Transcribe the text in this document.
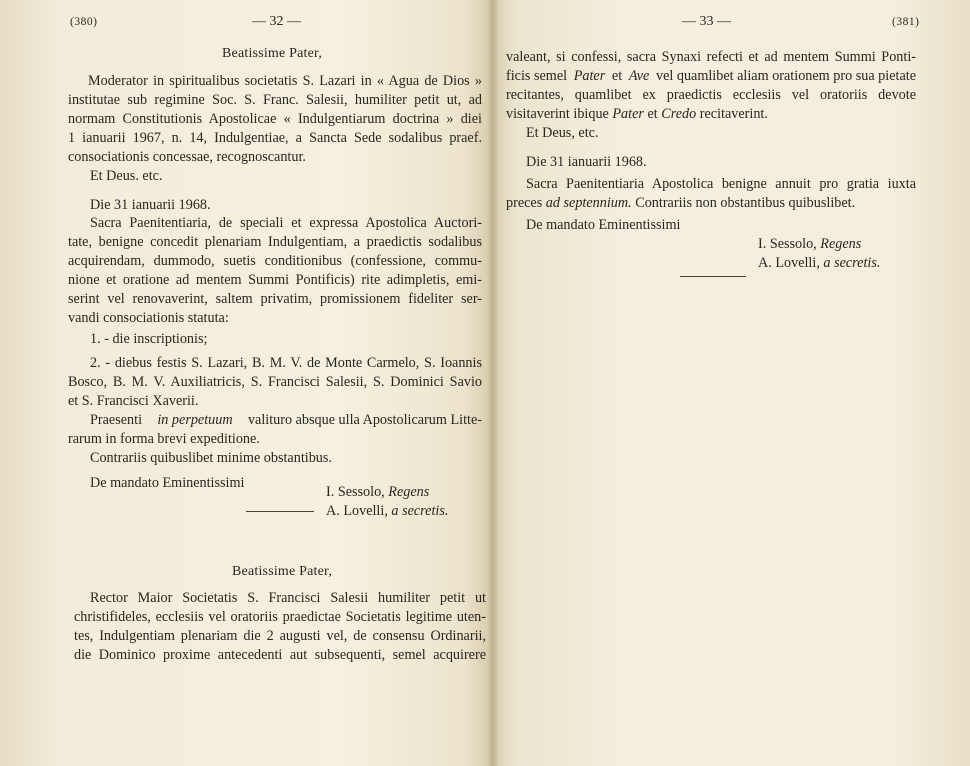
(380)	— 32 —
Beatissime Pater,
Moderator in spiritualibus societatis S. Lazari in « Agua de Dios »
institutae sub regimine Soc. S. Franc. Salesii, humiliter petit ut, ad
normam Constitutionis Apostolicae « Indulgentiarum doctrina » diei
1 ianuarii 1967, n. 14, Indulgentiae, a Sancta Sede sodalibus praef.
consociationis concessae, recognoscantur.
Et Deus. etc.
Die 31 ianuarii 1968.
Sacra Paenitentiaria, de speciali et expressa Apostolica Auctori-
tate, benigne concedit plenariam Indulgentiam, a praedictis sodalibus
acquirendam, dummodo, suetis conditionibus (confessione, commu-
nione et oratione ad mentem Summi Pontificis) rite adimpletis, emi-
serint vel renovaverint, saltem privatim, promissionem fideliter ser-
vandi consociationis statuta:
1. - die inscriptionis;
2. - diebus festis S. Lazari, B. M. V. de Monte Carmelo, S. Ioannis
Bosco, B. M. V. Auxiliatricis, S. Francisci Salesii, S. Dominici Savio
et S. Francisci Xaverii.
Praesenti in perpetuum valituro absque ulla Apostolicarum Litte-
rarum in forma brevi expeditione.
Contrariis quibuslibet minime obstantibus.
De mandato Eminentissimi
I. Sessolo, Regens
A. Lovelli, a secretis.
Beatissime Pater,
Rector Maior Societatis S. Francisci Salesii humiliter petit ut
christifideles, ecclesiis vel oratoriis praedictae Societatis legitime uten-
tes, Indulgentiam plenariam die 2 augusti vel, de consensu Ordinarii,
die Dominico proxime antecedenti aut subsequenti, semel acquirere
— 33 —	(381)
valeant, si confessi, sacra Synaxi refecti et ad mentem Summi Ponti-
ficis semel Pater et Ave vel quamlibet aliam orationem pro sua pietate
recitantes, quamlibet ex praedictis ecclesiis vel oratoriis devote
visitaverint ibique Pater et Credo recitaverint.
Et Deus, etc.
Die 31 ianuarii 1968.
Sacra Paenitentiaria Apostolica benigne annuit pro gratia iuxta
preces ad septennium. Contrariis non obstantibus quibuslibet.
De mandato Eminentissimi
I. Sessolo, Regens
A. Lovelli, a secretis.
